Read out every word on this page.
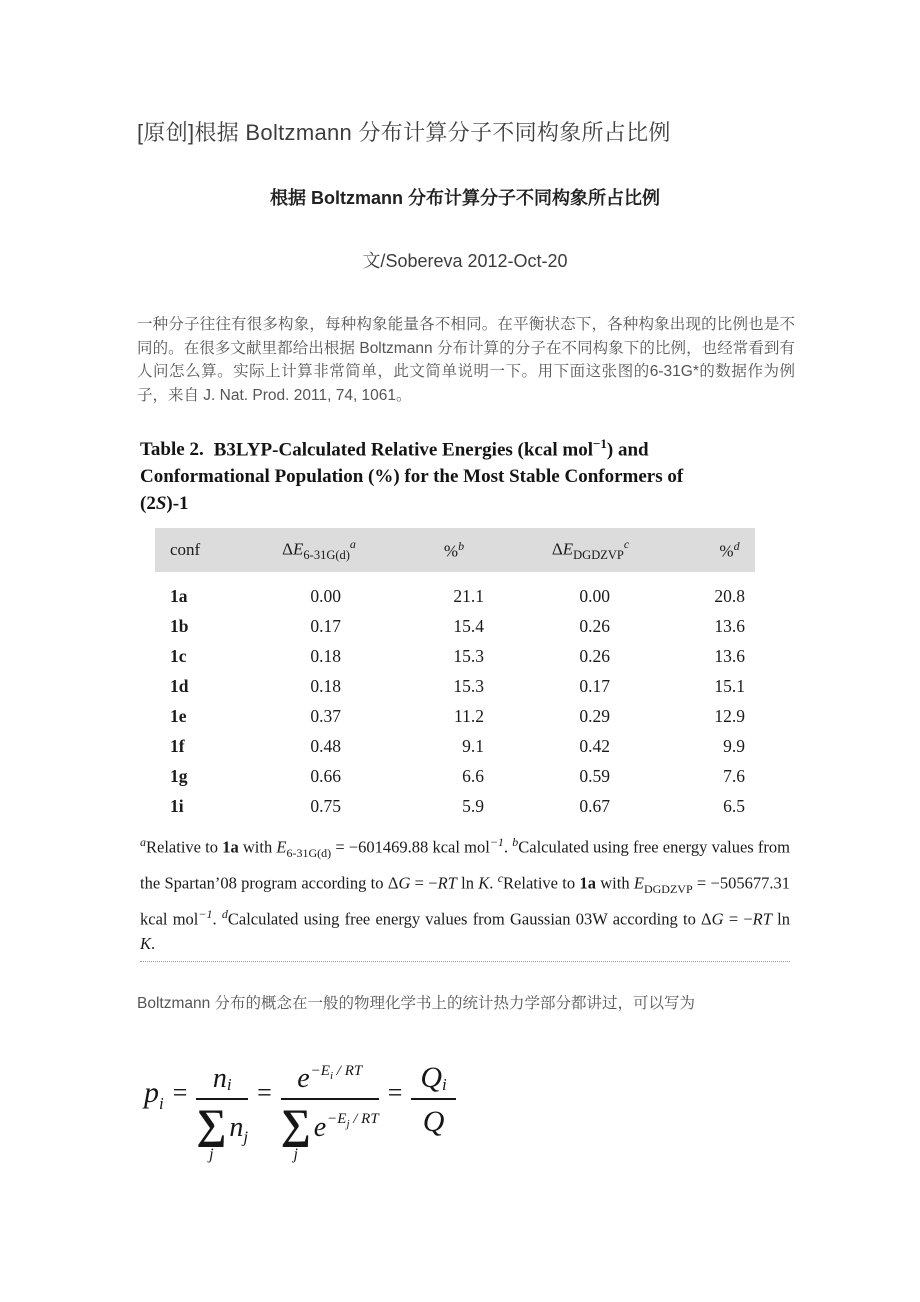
[原创]根据 Boltzmann 分布计算分子不同构象所占比例
根据 Boltzmann 分布计算分子不同构象所占比例
文/Sobereva 2012-Oct-20

一种分子往往有很多构象，每种构象能量各不相同。在平衡状态下，各种构象出现的比例也是不同的。在很多文献里都给出根据 Boltzmann 分布计算的分子在不同构象下的比例，也经常看到有人问怎么算。实际上计算非常简单，此文简单说明一下。用下面这张图的6-31G*的数据作为例子，来自 J. Nat. Prod. 2011, 74, 1061。

Table 2. B3LYP-Calculated Relative Energies (kcal mol$^{-1}$) and Conformational Population (%) for the Most Stable Conformers of (2S)-1
conf	$\Delta E_{6-31G(d)}^a$	%$^b$	$\Delta E_{DGDZVP}^c$	%$^d$
1a	0.00	21.1	0.00	20.8
1b	0.17	15.4	0.26	13.6
1c	0.18	15.3	0.26	13.6
1d	0.18	15.3	0.17	15.1
1e	0.37	11.2	0.29	12.9
1f	0.48	9.1	0.42	9.9
1g	0.66	6.6	0.59	7.6
1i	0.75	5.9	0.67	6.5
$^a$Relative to 1a with $E_{6-31G(d)} = -601469.88$ kcal mol$^{-1}$. $^b$Calculated using free energy values from the Spartan’08 program according to ΔG = −RT ln K. $^c$Relative to 1a with $E_{DGDZVP} = -505677.31$ kcal mol$^{-1}$. $^d$Calculated using free energy values from Gaussian 03W according to ΔG = −RT ln K.

Boltzmann 分布的概念在一般的物理化学书上的统计热力学部分都讲过，可以写为

$p_i = n_i$
∑
j
$n_j = e -E_i$ / RT
∑
j
$e^{-E_j / RT} = \frac{Q_i}{Q}$
